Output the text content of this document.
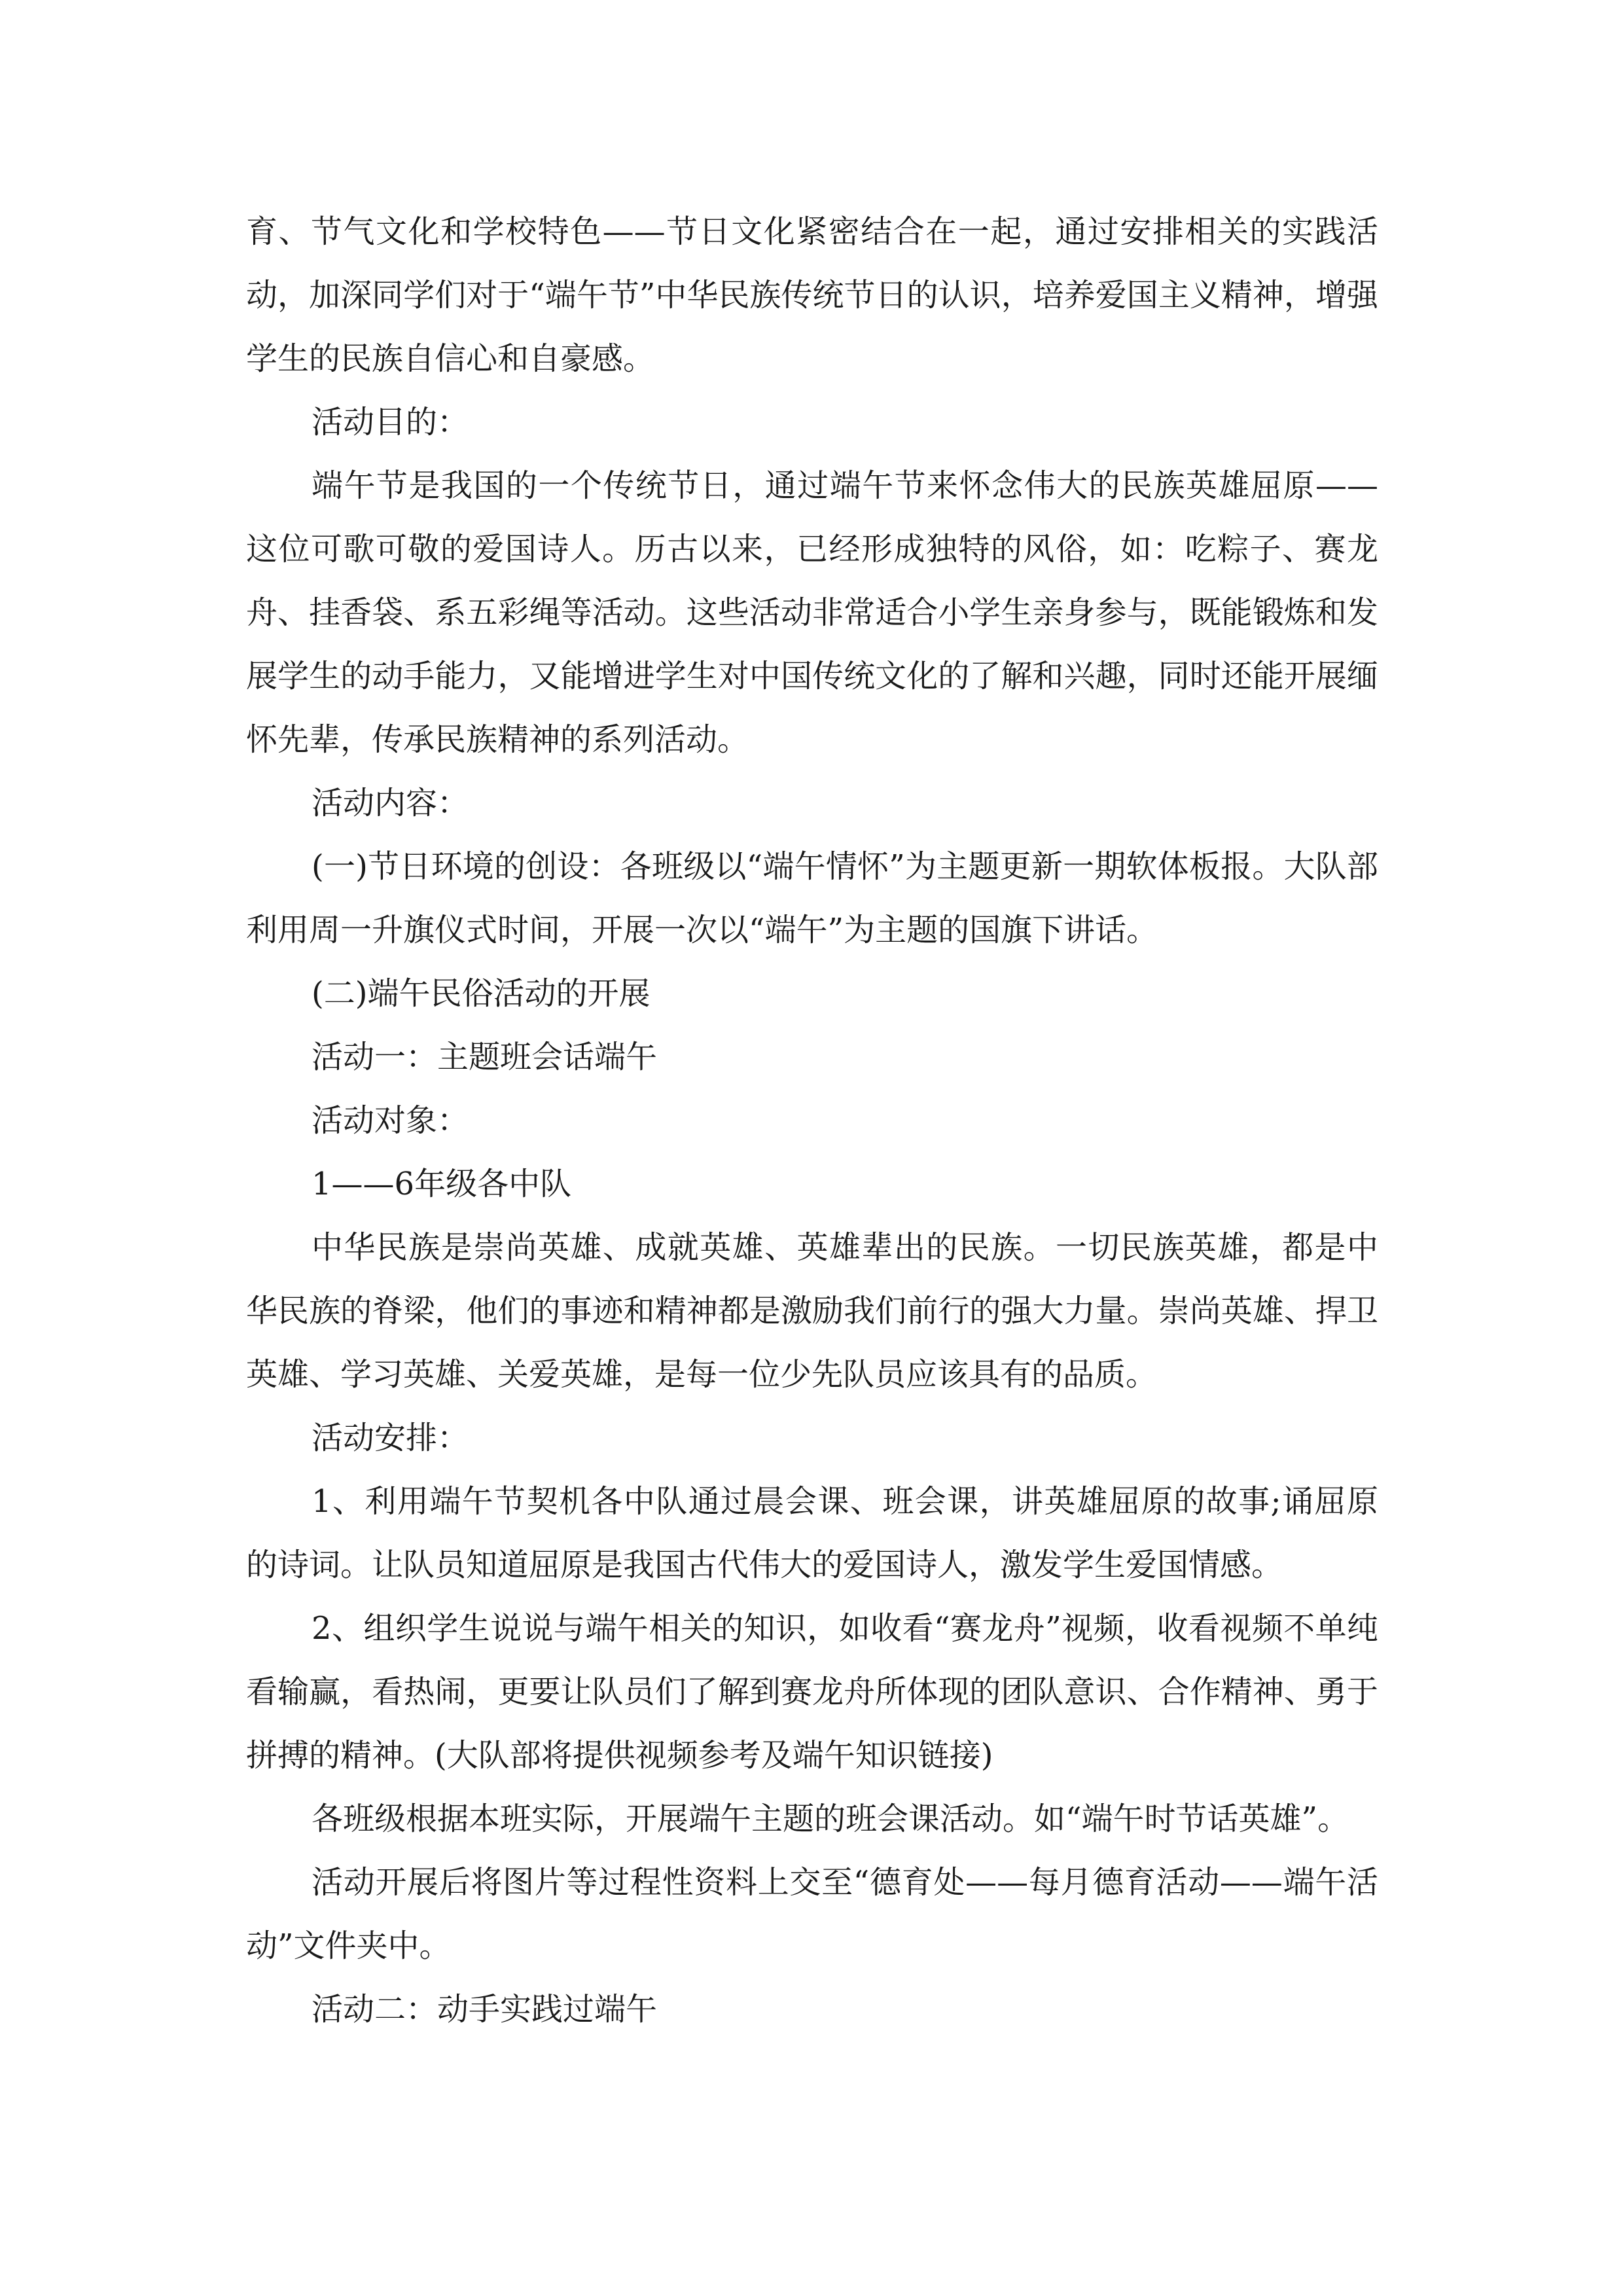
育、节气文化和学校特色——节日文化紧密结合在一起，通过安排相关的实践活动，加深同学们对于“端午节”中华民族传统节日的认识，培养爱国主义精神，增强学生的民族自信心和自豪感。

活动目的：

端午节是我国的一个传统节日，通过端午节来怀念伟大的民族英雄屈原——这位可歌可敬的爱国诗人。历古以来，已经形成独特的风俗，如：吃粽子、赛龙舟、挂香袋、系五彩绳等活动。这些活动非常适合小学生亲身参与，既能锻炼和发展学生的动手能力，又能增进学生对中国传统文化的了解和兴趣，同时还能开展缅怀先辈，传承民族精神的系列活动。

活动内容：

(一)节日环境的创设：各班级以“端午情怀”为主题更新一期软体板报。大队部利用周一升旗仪式时间，开展一次以“端午”为主题的国旗下讲话。

(二)端午民俗活动的开展

活动一：主题班会话端午

活动对象：

1——6年级各中队

中华民族是崇尚英雄、成就英雄、英雄辈出的民族。一切民族英雄，都是中华民族的脊梁，他们的事迹和精神都是激励我们前行的强大力量。崇尚英雄、捍卫英雄、学习英雄、关爱英雄，是每一位少先队员应该具有的品质。

活动安排：

1、利用端午节契机各中队通过晨会课、班会课，讲英雄屈原的故事;诵屈原的诗词。让队员知道屈原是我国古代伟大的爱国诗人，激发学生爱国情感。

2、组织学生说说与端午相关的知识，如收看“赛龙舟”视频，收看视频不单纯看输赢，看热闹，更要让队员们了解到赛龙舟所体现的团队意识、合作精神、勇于拼搏的精神。(大队部将提供视频参考及端午知识链接)

各班级根据本班实际，开展端午主题的班会课活动。如“端午时节话英雄”。

活动开展后将图片等过程性资料上交至“德育处——每月德育活动——端午活动”文件夹中。

活动二：动手实践过端午
